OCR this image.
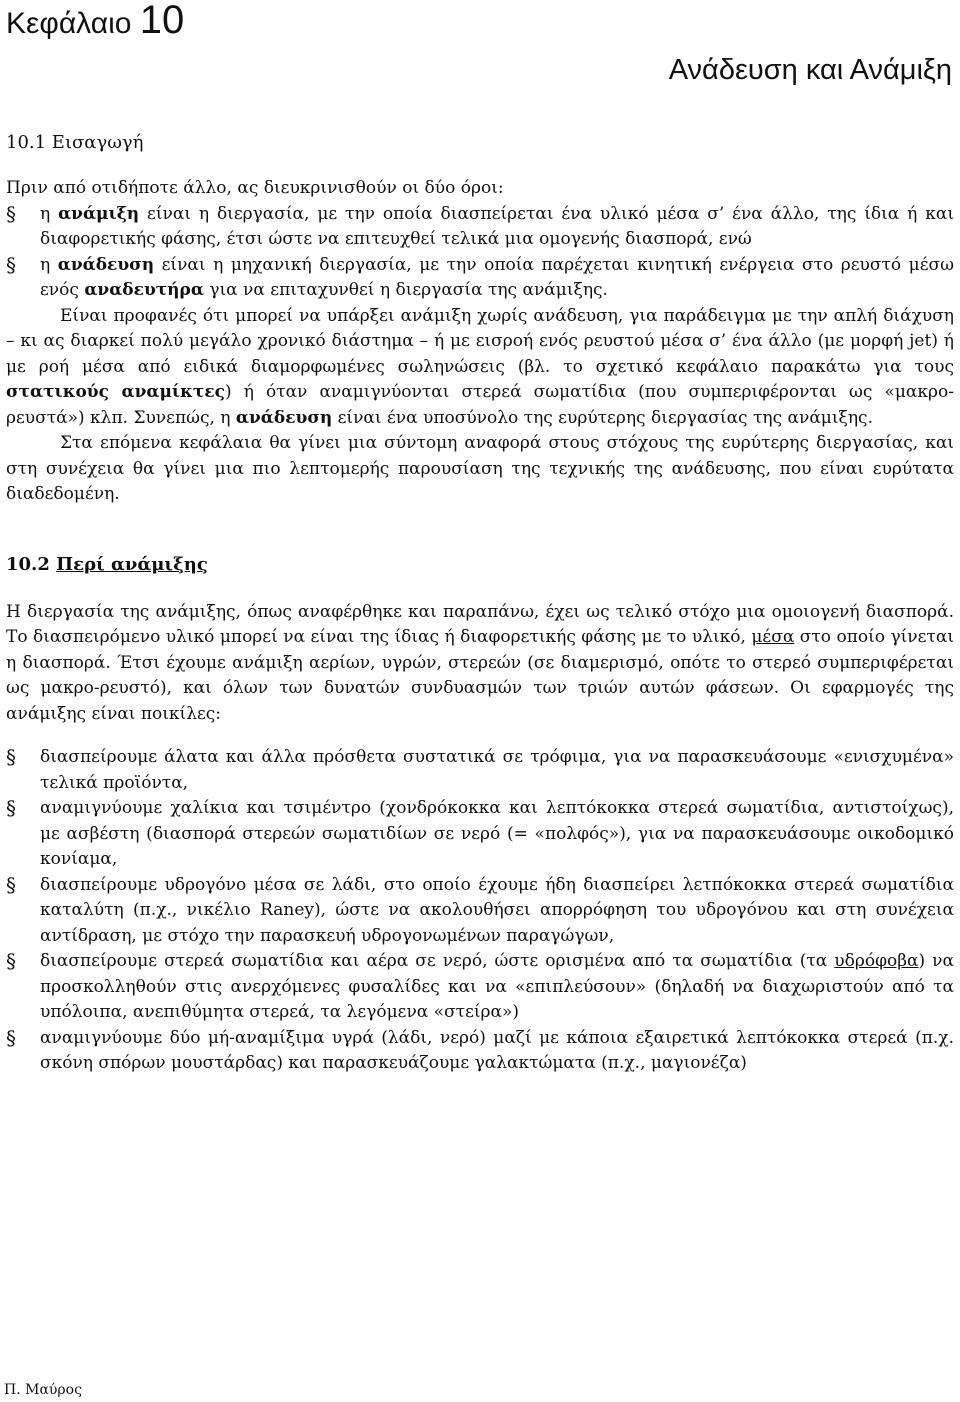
Κεφάλαιο 10
Ανάδευση και Ανάμιξη
10.1 Εισαγωγή

Πριν από οτιδήποτε άλλο, ας διευκρινισθούν οι δύο όροι:

§ η ανάμιξη είναι η διεργασία, με την οποία διασπείρεται ένα υλικό μέσα σ’ ένα άλλο, της ίδια ή και διαφορετικής φάσης, έτσι ώστε να επιτευχθεί τελικά μια ομογενής διασπορά, ενώ
§ η ανάδευση είναι η μηχανική διεργασία, με την οποία παρέχεται κινητική ενέργεια στο ρευστό μέσω ενός αναδευτήρα για να επιταχυνθεί η διεργασία της ανάμιξης.

Είναι προφανές ότι μπορεί να υπάρξει ανάμιξη χωρίς ανάδευση, για παράδειγμα με την απλή διάχυση – κι ας διαρκεί πολύ μεγάλο χρονικό διάστημα – ή με εισροή ενός ρευστού μέσα σ’ ένα άλλο (με μορφή jet) ή με ροή μέσα από ειδικά διαμορφωμένες σωληνώσεις (βλ. το σχετικό κεφάλαιο παρακάτω για τους στατικούς αναμίκτες) ή όταν αναμιγνύονται στερεά σωματίδια (που συμπεριφέρονται ως «μακρο-ρευστά») κλπ. Συνεπώς, η ανάδευση είναι ένα υποσύνολο της ευρύτερης διεργασίας της ανάμιξης.

Στα επόμενα κεφάλαια θα γίνει μια σύντομη αναφορά στους στόχους της ευρύτερης διεργασίας, και στη συνέχεια θα γίνει μια πιο λεπτομερής παρουσίαση της τεχνικής της ανάδευσης, που είναι ευρύτατα διαδεδομένη.

10.2 Περί ανάμιξης

Η διεργασία της ανάμιξης, όπως αναφέρθηκε και παραπάνω, έχει ως τελικό στόχο μια ομοιογενή διασπορά. Το διασπειρόμενο υλικό μπορεί να είναι της ίδιας ή διαφορετικής φάσης με το υλικό, μέσα στο οποίο γίνεται η διασπορά. Έτσι έχουμε ανάμιξη αερίων, υγρών, στερεών (σε διαμερισμό, οπότε το στερεό συμπεριφέρεται ως μακρο-ρευστό), και όλων των δυνατών συνδυασμών των τριών αυτών φάσεων. Οι εφαρμογές της ανάμιξης είναι ποικίλες:

§ διασπείρουμε άλατα και άλλα πρόσθετα συστατικά σε τρόφιμα, για να παρασκευάσουμε «ενισχυμένα» τελικά προϊόντα,
§ αναμιγνύουμε χαλίκια και τσιμέντρο (χονδρόκοκκα και λεπτόκοκκα στερεά σωματίδια, αντιστοίχως), με ασβέστη (διασπορά στερεών σωματιδίων σε νερό (= «πολφός»), για να παρασκευάσουμε οικοδομικό κονίαμα,
§ διασπείρουμε υδρογόνο μέσα σε λάδι, στο οποίο έχουμε ήδη διασπείρει λετπόκοκκα στερεά σωματίδια καταλύτη (π.χ., νικέλιο Raney), ώστε να ακολουθήσει απορρόφηση του υδρογόνου και στη συνέχεια αντίδραση, με στόχο την παρασκευή υδρογονωμένων παραγώγων,
§ διασπείρουμε στερεά σωματίδια και αέρα σε νερό, ώστε ορισμένα από τα σωματίδια (τα υδρόφοβα) να προσκολληθούν στις ανερχόμενες φυσαλίδες και να «επιπλεύσουν» (δηλαδή να διαχωριστούν από τα υπόλοιπα, ανεπιθύμητα στερεά, τα λεγόμενα «στείρα»)
§ αναμιγνύουμε δύο μή-αναμίξιμα υγρά (λάδι, νερό) μαζί με κάποια εξαιρετικά λεπτόκοκκα στερεά (π.χ. σκόνη σπόρων μουστάρδας) και παρασκευάζουμε γαλακτώματα (π.χ., μαγιονέζα)
Π. Μαύρος
